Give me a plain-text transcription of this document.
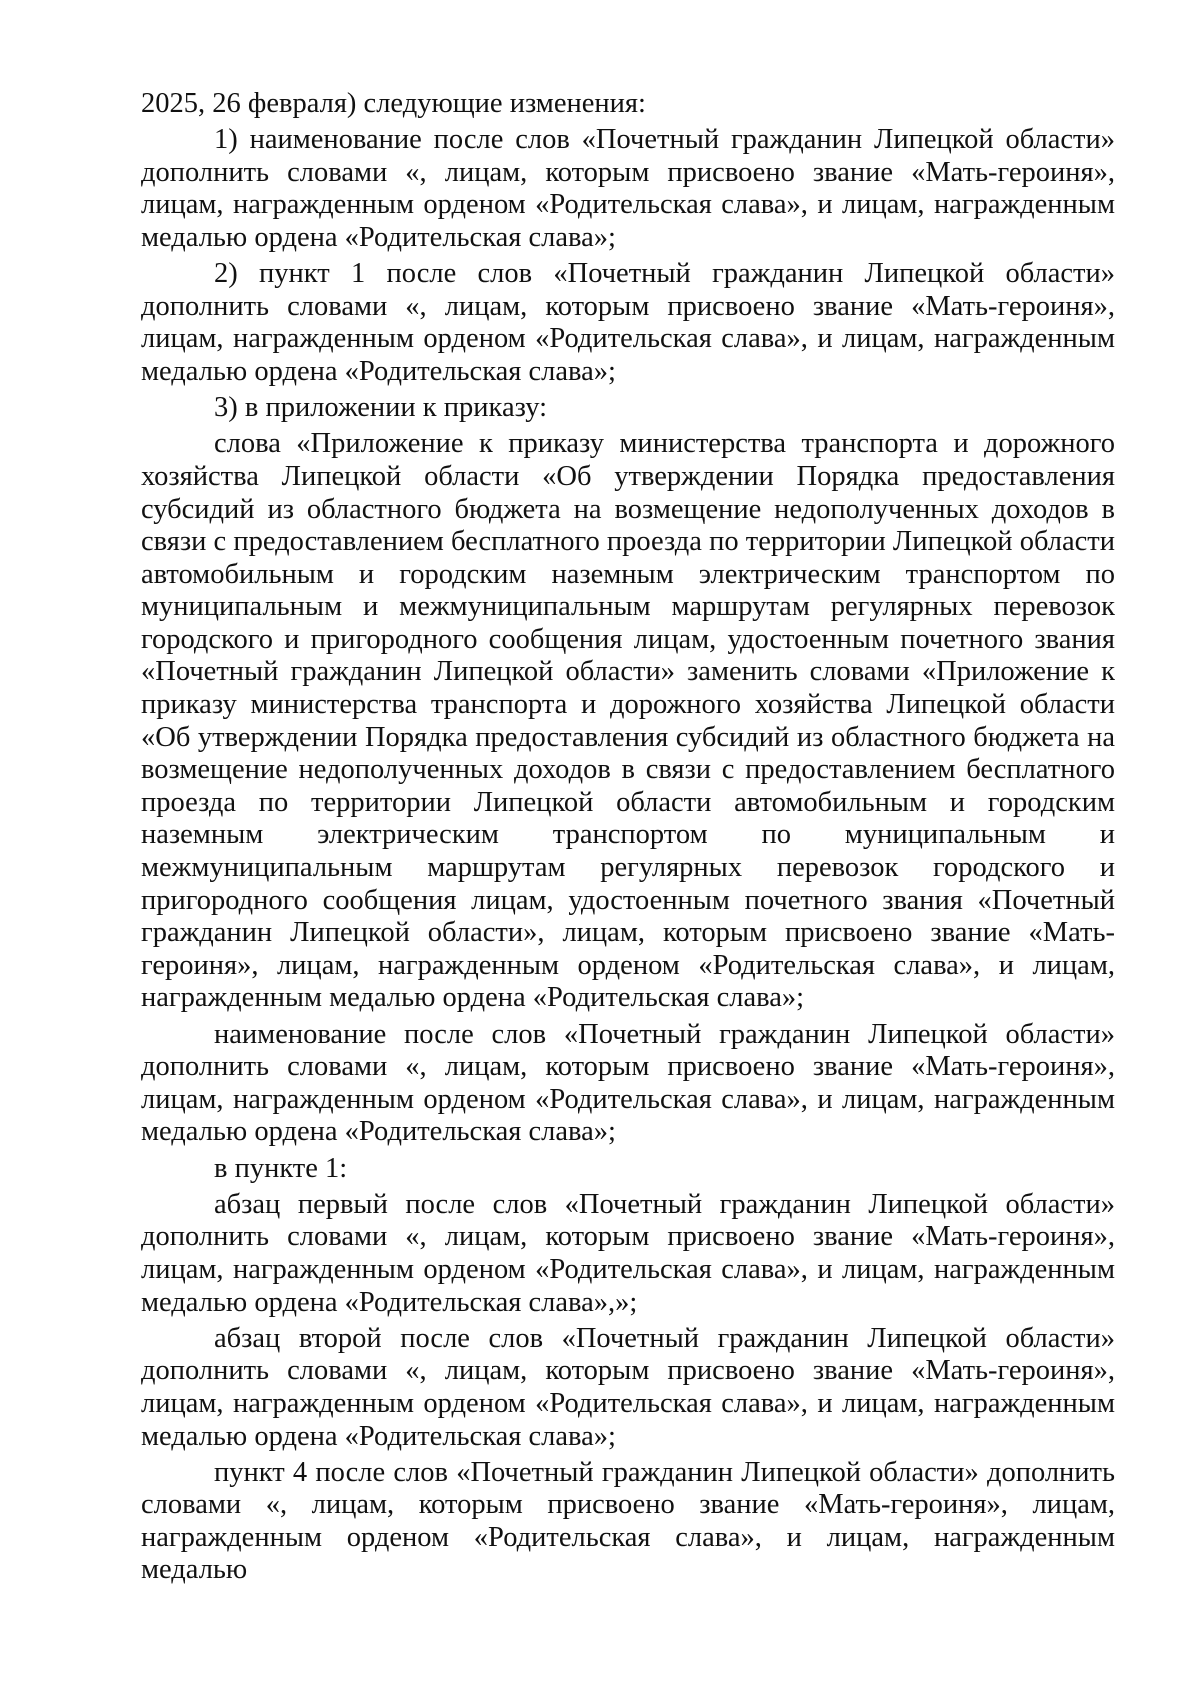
2025, 26 февраля) следующие изменения:

1) наименование после слов «Почетный гражданин Липецкой области» дополнить словами «, лицам, которым присвоено звание «Мать-героиня», лицам, награжденным орденом «Родительская слава», и лицам, награжденным медалью ордена «Родительская слава»;

2) пункт 1 после слов «Почетный гражданин Липецкой области» дополнить словами «, лицам, которым присвоено звание «Мать-героиня», лицам, награжденным орденом «Родительская слава», и лицам, награжденным медалью ордена «Родительская слава»;

3) в приложении к приказу:

слова «Приложение к приказу министерства транспорта и дорожного хозяйства Липецкой области «Об утверждении Порядка предоставления субсидий из областного бюджета на возмещение недополученных доходов в связи с предоставлением бесплатного проезда по территории Липецкой области автомобильным и городским наземным электрическим транспортом по муниципальным и межмуниципальным маршрутам регулярных перевозок городского и пригородного сообщения лицам, удостоенным почетного звания «Почетный гражданин Липецкой области» заменить словами «Приложение к приказу министерства транспорта и дорожного хозяйства Липецкой области «Об утверждении Порядка предоставления субсидий из областного бюджета на возмещение недополученных доходов в связи с предоставлением бесплатного проезда по территории Липецкой области автомобильным и городским наземным электрическим транспортом по муниципальным и межмуниципальным маршрутам регулярных перевозок городского и пригородного сообщения лицам, удостоенным почетного звания «Почетный гражданин Липецкой области», лицам, которым присвоено звание «Мать-героиня», лицам, награжденным орденом «Родительская слава», и лицам, награжденным медалью ордена «Родительская слава»;

наименование после слов «Почетный гражданин Липецкой области» дополнить словами «, лицам, которым присвоено звание «Мать-героиня», лицам, награжденным орденом «Родительская слава», и лицам, награжденным медалью ордена «Родительская слава»;

в пункте 1:

абзац первый после слов «Почетный гражданин Липецкой области» дополнить словами «, лицам, которым присвоено звание «Мать-героиня», лицам, награжденным орденом «Родительская слава», и лицам, награжденным медалью ордена «Родительская слава»,»;

абзац второй после слов «Почетный гражданин Липецкой области» дополнить словами «, лицам, которым присвоено звание «Мать-героиня», лицам, награжденным орденом «Родительская слава», и лицам, награжденным медалью ордена «Родительская слава»;

пункт 4 после слов «Почетный гражданин Липецкой области» дополнить словами «, лицам, которым присвоено звание «Мать-героиня», лицам, награжденным орденом «Родительская слава», и лицам, награжденным медалью
